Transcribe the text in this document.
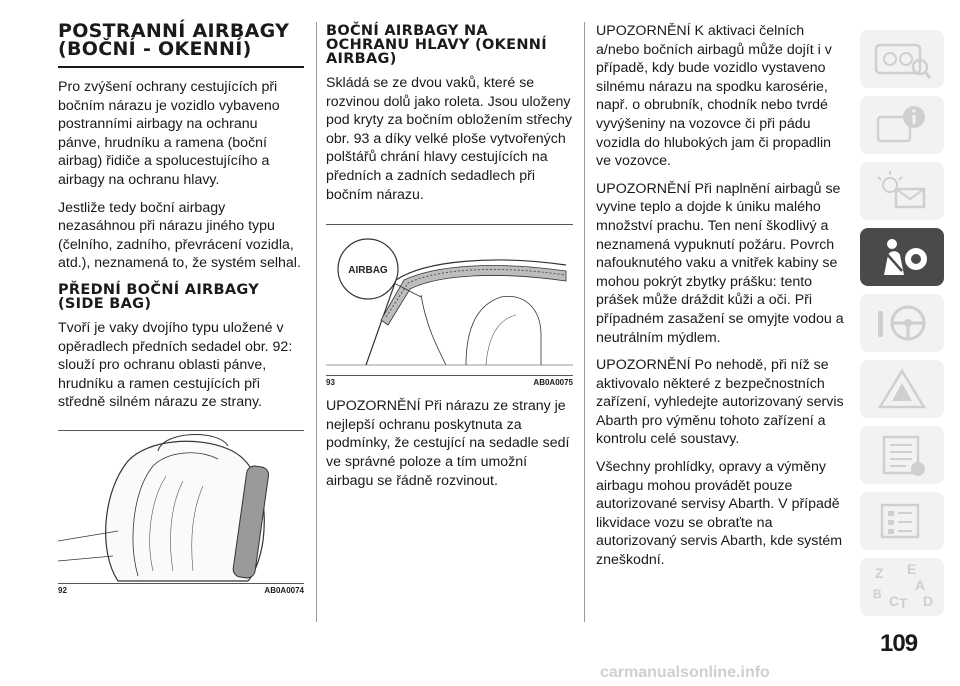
POSTRANNÍ AIRBAGY (BOČNÍ - OKENNÍ)

Pro zvýšení ochrany cestujících při bočním nárazu je vozidlo vybaveno postranními airbagy na ochranu pánve, hrudníku a ramena (boční airbag) řidiče a spolucestujícího a airbagy na ochranu hlavy.

Jestliže tedy boční airbagy nezasáhnou při nárazu jiného typu (čelního, zadního, převrácení vozidla, atd.), neznamená to, že systém selhal.

PŘEDNÍ BOČNÍ AIRBAGY (SIDE BAG)

Tvoří je vaky dvojího typu uložené v opěradlech předních sedadel obr. 92: slouží pro ochranu oblasti pánve, hrudníku a ramen cestujících při středně silném nárazu ze strany.

92	AB0A0074
BOČNÍ AIRBAGY NA OCHRANU HLAVY (OKENNÍ AIRBAG)

Skládá se ze dvou vaků, které se rozvinou dolů jako roleta. Jsou uloženy pod kryty za bočním obložením střechy obr. 93 a díky velké ploše vytvořených polštářů chrání hlavy cestujících na předních a zadních sedadlech při bočním nárazu.

AIRBAG
93	AB0A0075

UPOZORNĚNÍ Při nárazu ze strany je nejlepší ochranu poskytnuta za podmínky, že cestující na sedadle sedí ve správné poloze a tím umožní airbagu se řádně rozvinout.

UPOZORNĚNÍ K aktivaci čelních a/nebo bočních airbagů může dojít i v případě, kdy bude vozidlo vystaveno silnému nárazu na spodku karosérie, např. o obrubník, chodník nebo tvrdé vyvýšeniny na vozovce či při pádu vozidla do hlubokých jam či propadlin ve vozovce.

UPOZORNĚNÍ Při naplnění airbagů se vyvine teplo a dojde k úniku malého množství prachu. Ten není škodlivý a neznamená vypuknutí požáru. Povrch nafouknutého vaku a vnitřek kabiny se mohou pokrýt zbytky prášku: tento prášek může dráždit kůži a oči. Při případném zasažení se omyjte vodou a neutrálním mýdlem.

UPOZORNĚNÍ Po nehodě, při níž se aktivovalo některé z bezpečnostních zařízení, vyhledejte autorizovaný servis Abarth pro výměnu tohoto zařízení a kontrolu celé soustavy.

Všechny prohlídky, opravy a výměny airbagu mohou provádět pouze autorizované servisy Abarth. V případě likvidace vozu se obraťte na autorizovaný servis Abarth, kde systém zneškodní.

Z E
A
B C T D
109
carmanualsonline.info
